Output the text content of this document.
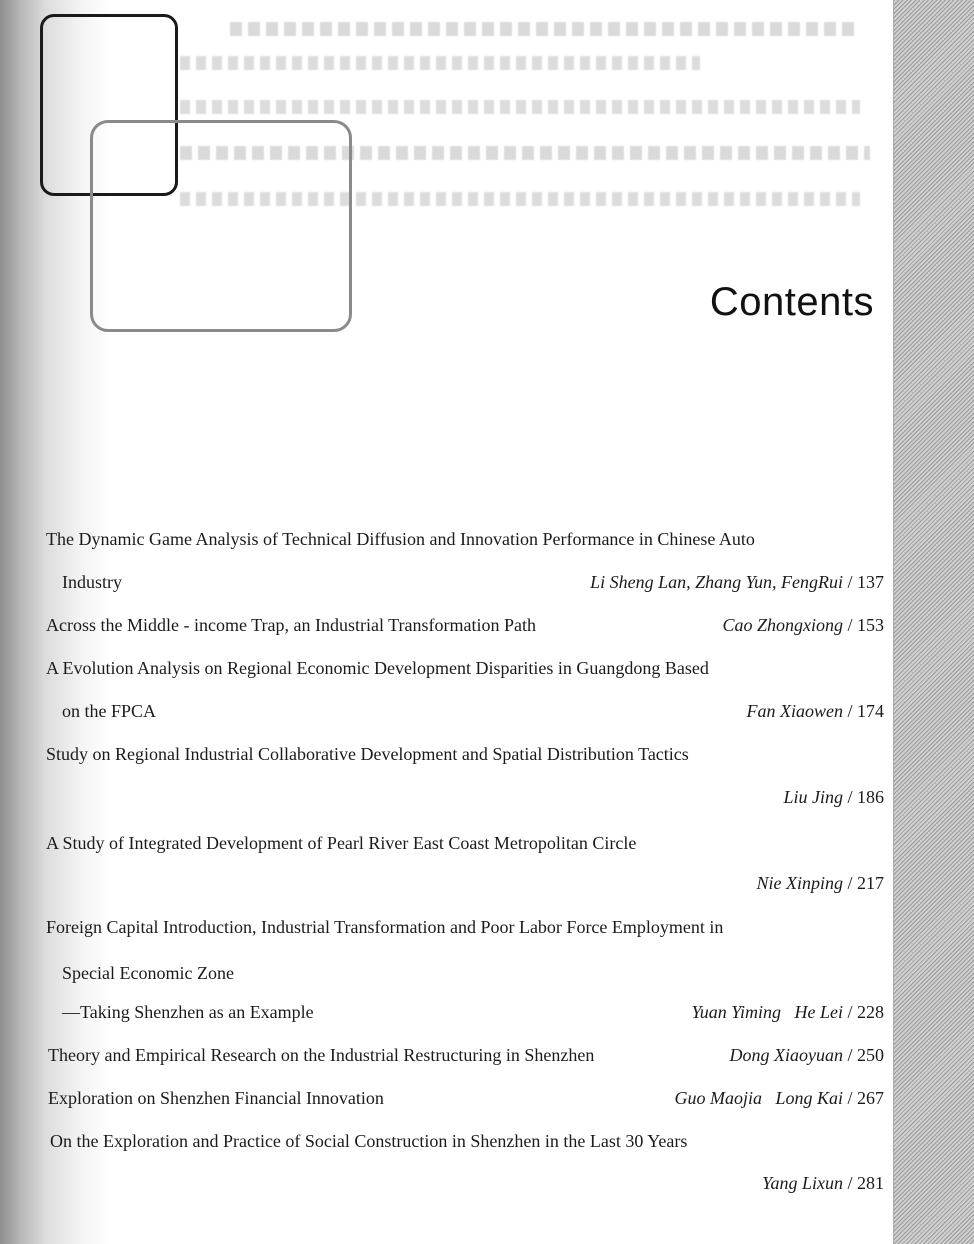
Contents
The Dynamic Game Analysis of Technical Diffusion and Innovation Performance in Chinese Auto
Industry	Li Sheng Lan, Zhang Yun, FengRui / 137
Across the Middle - income Trap, an Industrial Transformation Path	Cao Zhongxiong / 153
A Evolution Analysis on Regional Economic Development Disparities in Guangdong Based
on the FPCA	Fan Xiaowen / 174
Study on Regional Industrial Collaborative Development and Spatial Distribution Tactics
Liu Jing / 186
A Study of Integrated Development of Pearl River East Coast Metropolitan Circle
Nie Xinping / 217
Foreign Capital Introduction, Industrial Transformation and Poor Labor Force Employment in
Special Economic Zone
—Taking Shenzhen as an Example	Yuan Yiming   He Lei / 228
Theory and Empirical Research on the Industrial Restructuring in Shenzhen	Dong Xiaoyuan / 250
Exploration on Shenzhen Financial Innovation	Guo Maojia   Long Kai / 267
On the Exploration and Practice of Social Construction in Shenzhen in the Last 30 Years
Yang Lixun / 281
